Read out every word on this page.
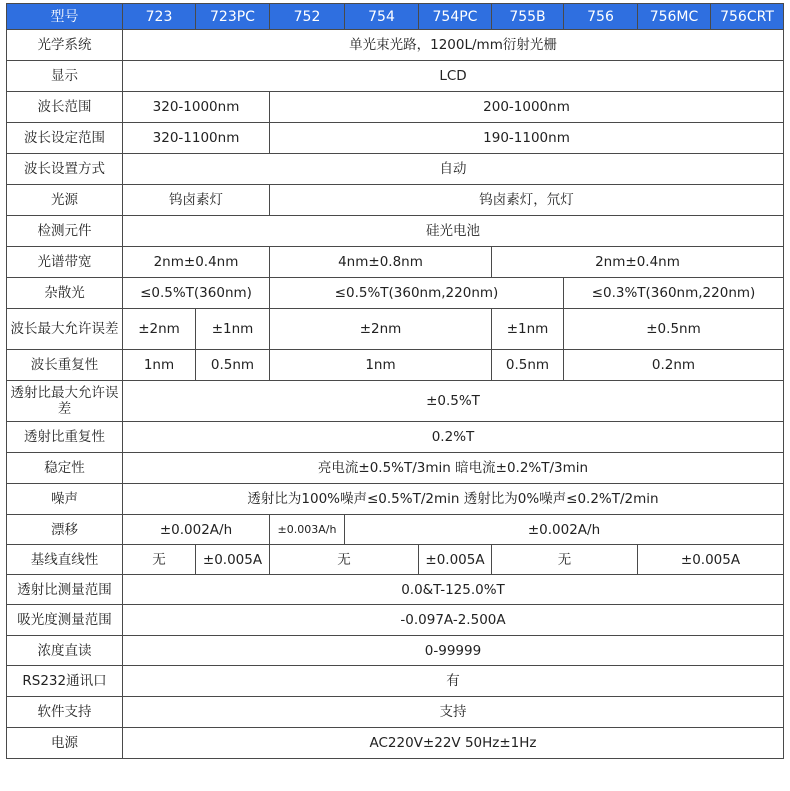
型号	723	723PC	752	754	754PC	755B	756	756MC	756CRT
光学系统	单光束光路，1200L/mm衍射光栅								
显示	LCD								
波长范围	320-1000nm		200-1000nm						
波长设定范围	320-1100nm		190-1100nm						
波长设置方式	自动								
光源	钨卤素灯		钨卤素灯，氘灯						
检测元件	硅光电池								
光谱带宽	2nm±0.4nm		4nm±0.8nm			2nm±0.4nm			
杂散光	≤0.5%T(360nm)		≤0.5%T(360nm,220nm)				≤0.3%T(360nm,220nm)		
波长最大允许误差	±2nm	±1nm	±2nm			±1nm	±0.5nm		
波长重复性	1nm	0.5nm	1nm			0.5nm	0.2nm		
透射比最大允许误差	±0.5%T								
透射比重复性	0.2%T								
稳定性	亮电流±0.5%T/3min 暗电流±0.2%T/3min								
噪声	透射比为100%噪声≤0.5%T/2min 透射比为0%噪声≤0.2%T/2min								
漂移	±0.002A/h		±0.003A/h	±0.002A/h					
基线直线性	无	±0.005A	无		±0.005A	无		±0.005A	
透射比测量范围	0.0&T-125.0%T								
吸光度测量范围	-0.097A-2.500A								
浓度直读	0-99999								
RS232通讯口	有								
软件支持	支持								
电源	AC220V±22V 50Hz±1Hz								
